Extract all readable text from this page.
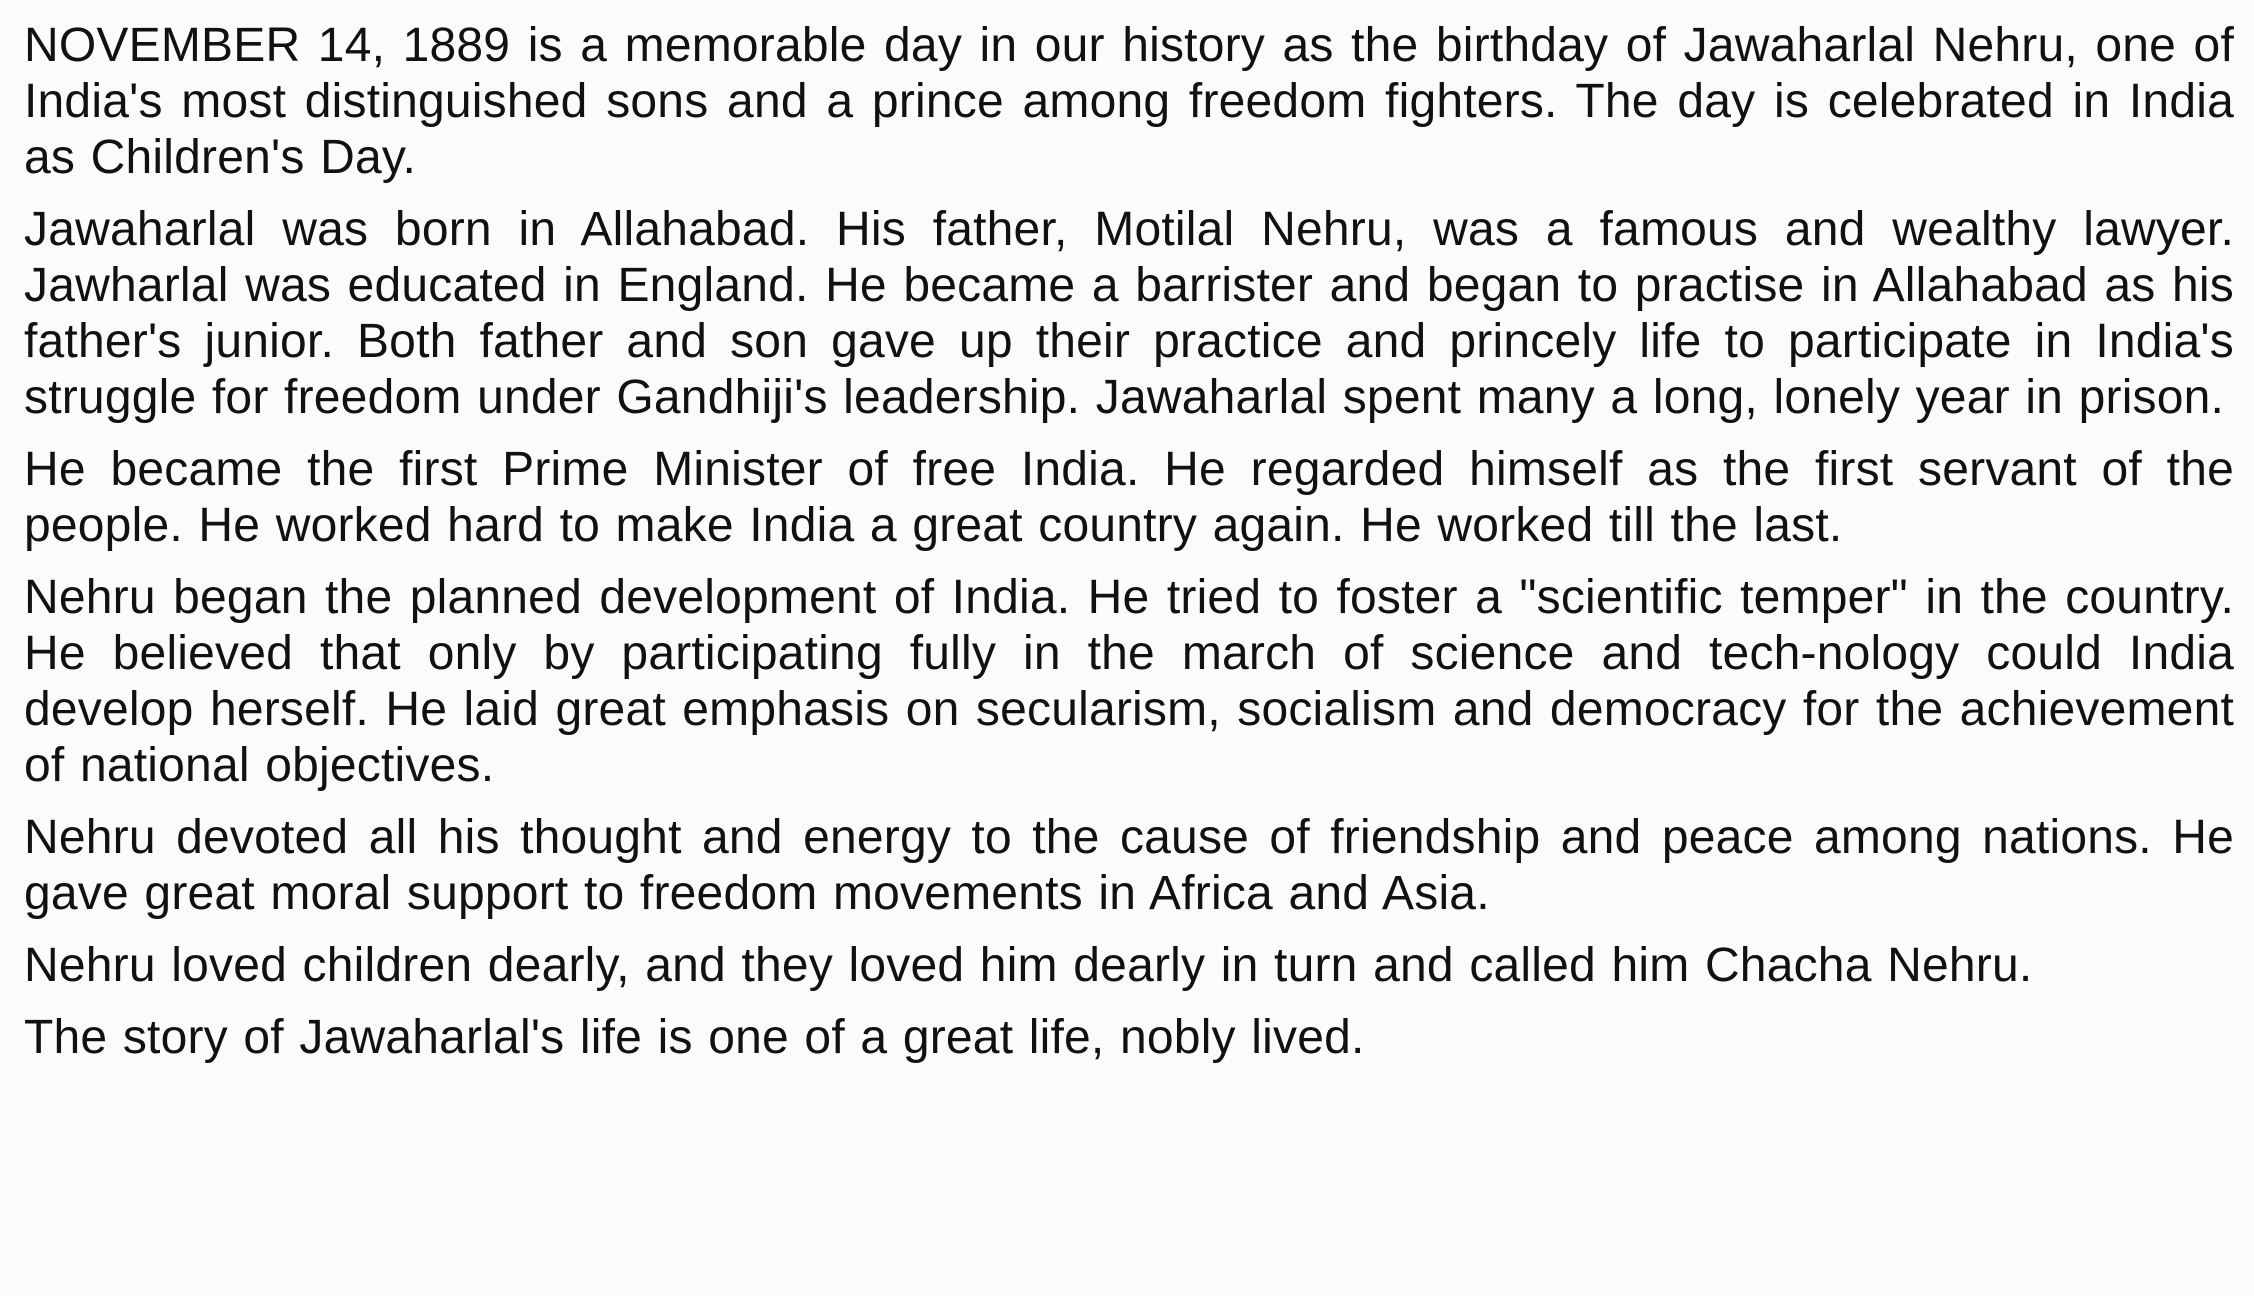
NOVEMBER 14, 1889 is a memorable day in our history as the birthday of Jawaharlal Nehru, one of India's most distinguished sons and a prince among freedom fighters. The day is celebrated in India as Children's Day.

Jawaharlal was born in Allahabad. His father, Motilal Nehru, was a famous and wealthy lawyer. Jawharlal was educated in England. He became a barrister and began to practise in Allahabad as his father's junior. Both father and son gave up their practice and princely life to participate in India's struggle for freedom under Gandhiji's leadership. Jawaharlal spent many a long, lonely year in prison.

He became the first Prime Minister of free India. He regarded himself as the first servant of the people. He worked hard to make India a great country again. He worked till the last.

Nehru began the planned development of India. He tried to foster a "scientific temper" in the country. He believed that only by participating fully in the march of science and tech-nology could India develop herself. He laid great emphasis on secularism, socialism and democracy for the achievement of national objectives.

Nehru devoted all his thought and energy to the cause of friendship and peace among nations. He gave great moral support to freedom movements in Africa and Asia.

Nehru loved children dearly, and they loved him dearly in turn and called him Chacha Nehru.

The story of Jawaharlal's life is one of a great life, nobly lived.
